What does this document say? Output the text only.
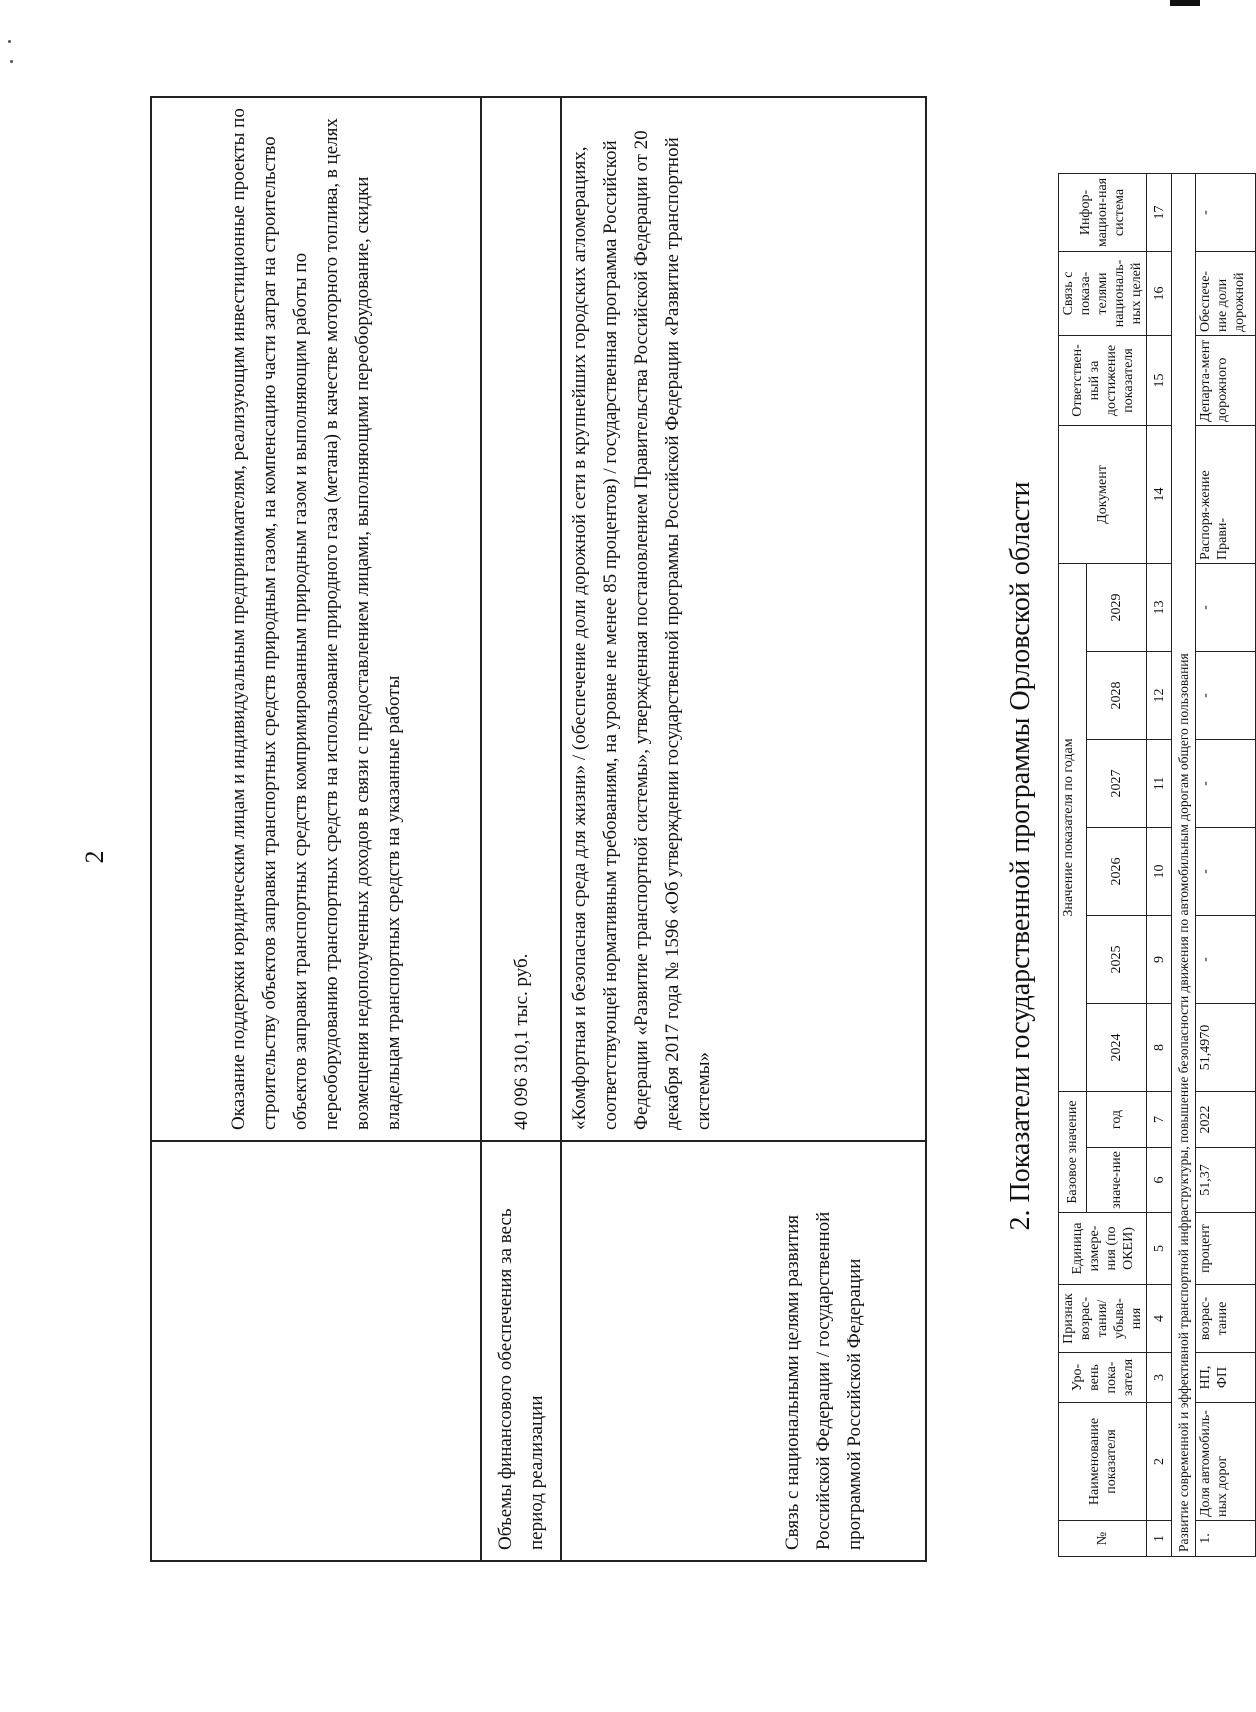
2
		Оказание поддержки юридическим лицам и индивидуальным предпринимателям, реализующим инвестиционные проекты по строительству объектов заправки транспортных средств природным газом, на компенсацию части затрат на строительство объектов заправки транспортных средств компримированным природным газом и выполняющим работы по переоборудованию транспортных средств на использование природного газа (метана) в качестве моторного топлива, в целях возмещения недополученных доходов в связи с предоставлением лицами, выполняющими переоборудование, скидки владельцам транспортных средств на указанные работы
Объемы финансового обеспечения за весь период реализации	40 096 310,1 тыс. руб.
Связь с национальными целями развития Российской Федерации / государственной программой Российской Федерации	«Комфортная и безопасная среда для жизни» / (обеспечение доли дорожной сети в крупнейших городских агломерациях, соответствующей нормативным требованиям, на уровне не менее 85 процентов) / государственная программа Российской Федерации «Развитие транспортной системы», утвержденная постановлением Правительства Российской Федерации от 20 декабря 2017 года № 1596 «Об утверждении государственной программы Российской Федерации «Развитие транспортной системы»	2. Показатели государственной программы Орловской области
№	Наименование показателя	Уро-вень пока-зателя	Признак возрас-тания/ убыва-ния	Единица измере-ния (по ОКЕИ)	Базовое значение		Значение показателя по годам						Документ	Ответствен-ный за достижение показателя	Связь с показа-телями националь-ных целей	Инфор-мацион-ная система
					значе-ние	год	2024	2025	2026	2027	2028	2029				
1	2	3	4	5	6	7	8	9	10	11	12	13	14	15	16	17
Развитие современной и эффективной транспортной инфраструктуры, повышение безопасности движения по автомобильным дорогам общего пользования																
1.	Доля автомобиль-ных дорог	НП, ФП	возрас-тание	процент	51,37	2022	51,4970	-	-	-	-	-	Распоря-жение Прави-	Департа-мент дорожного	Обеспече-ние доли дорожной	-
